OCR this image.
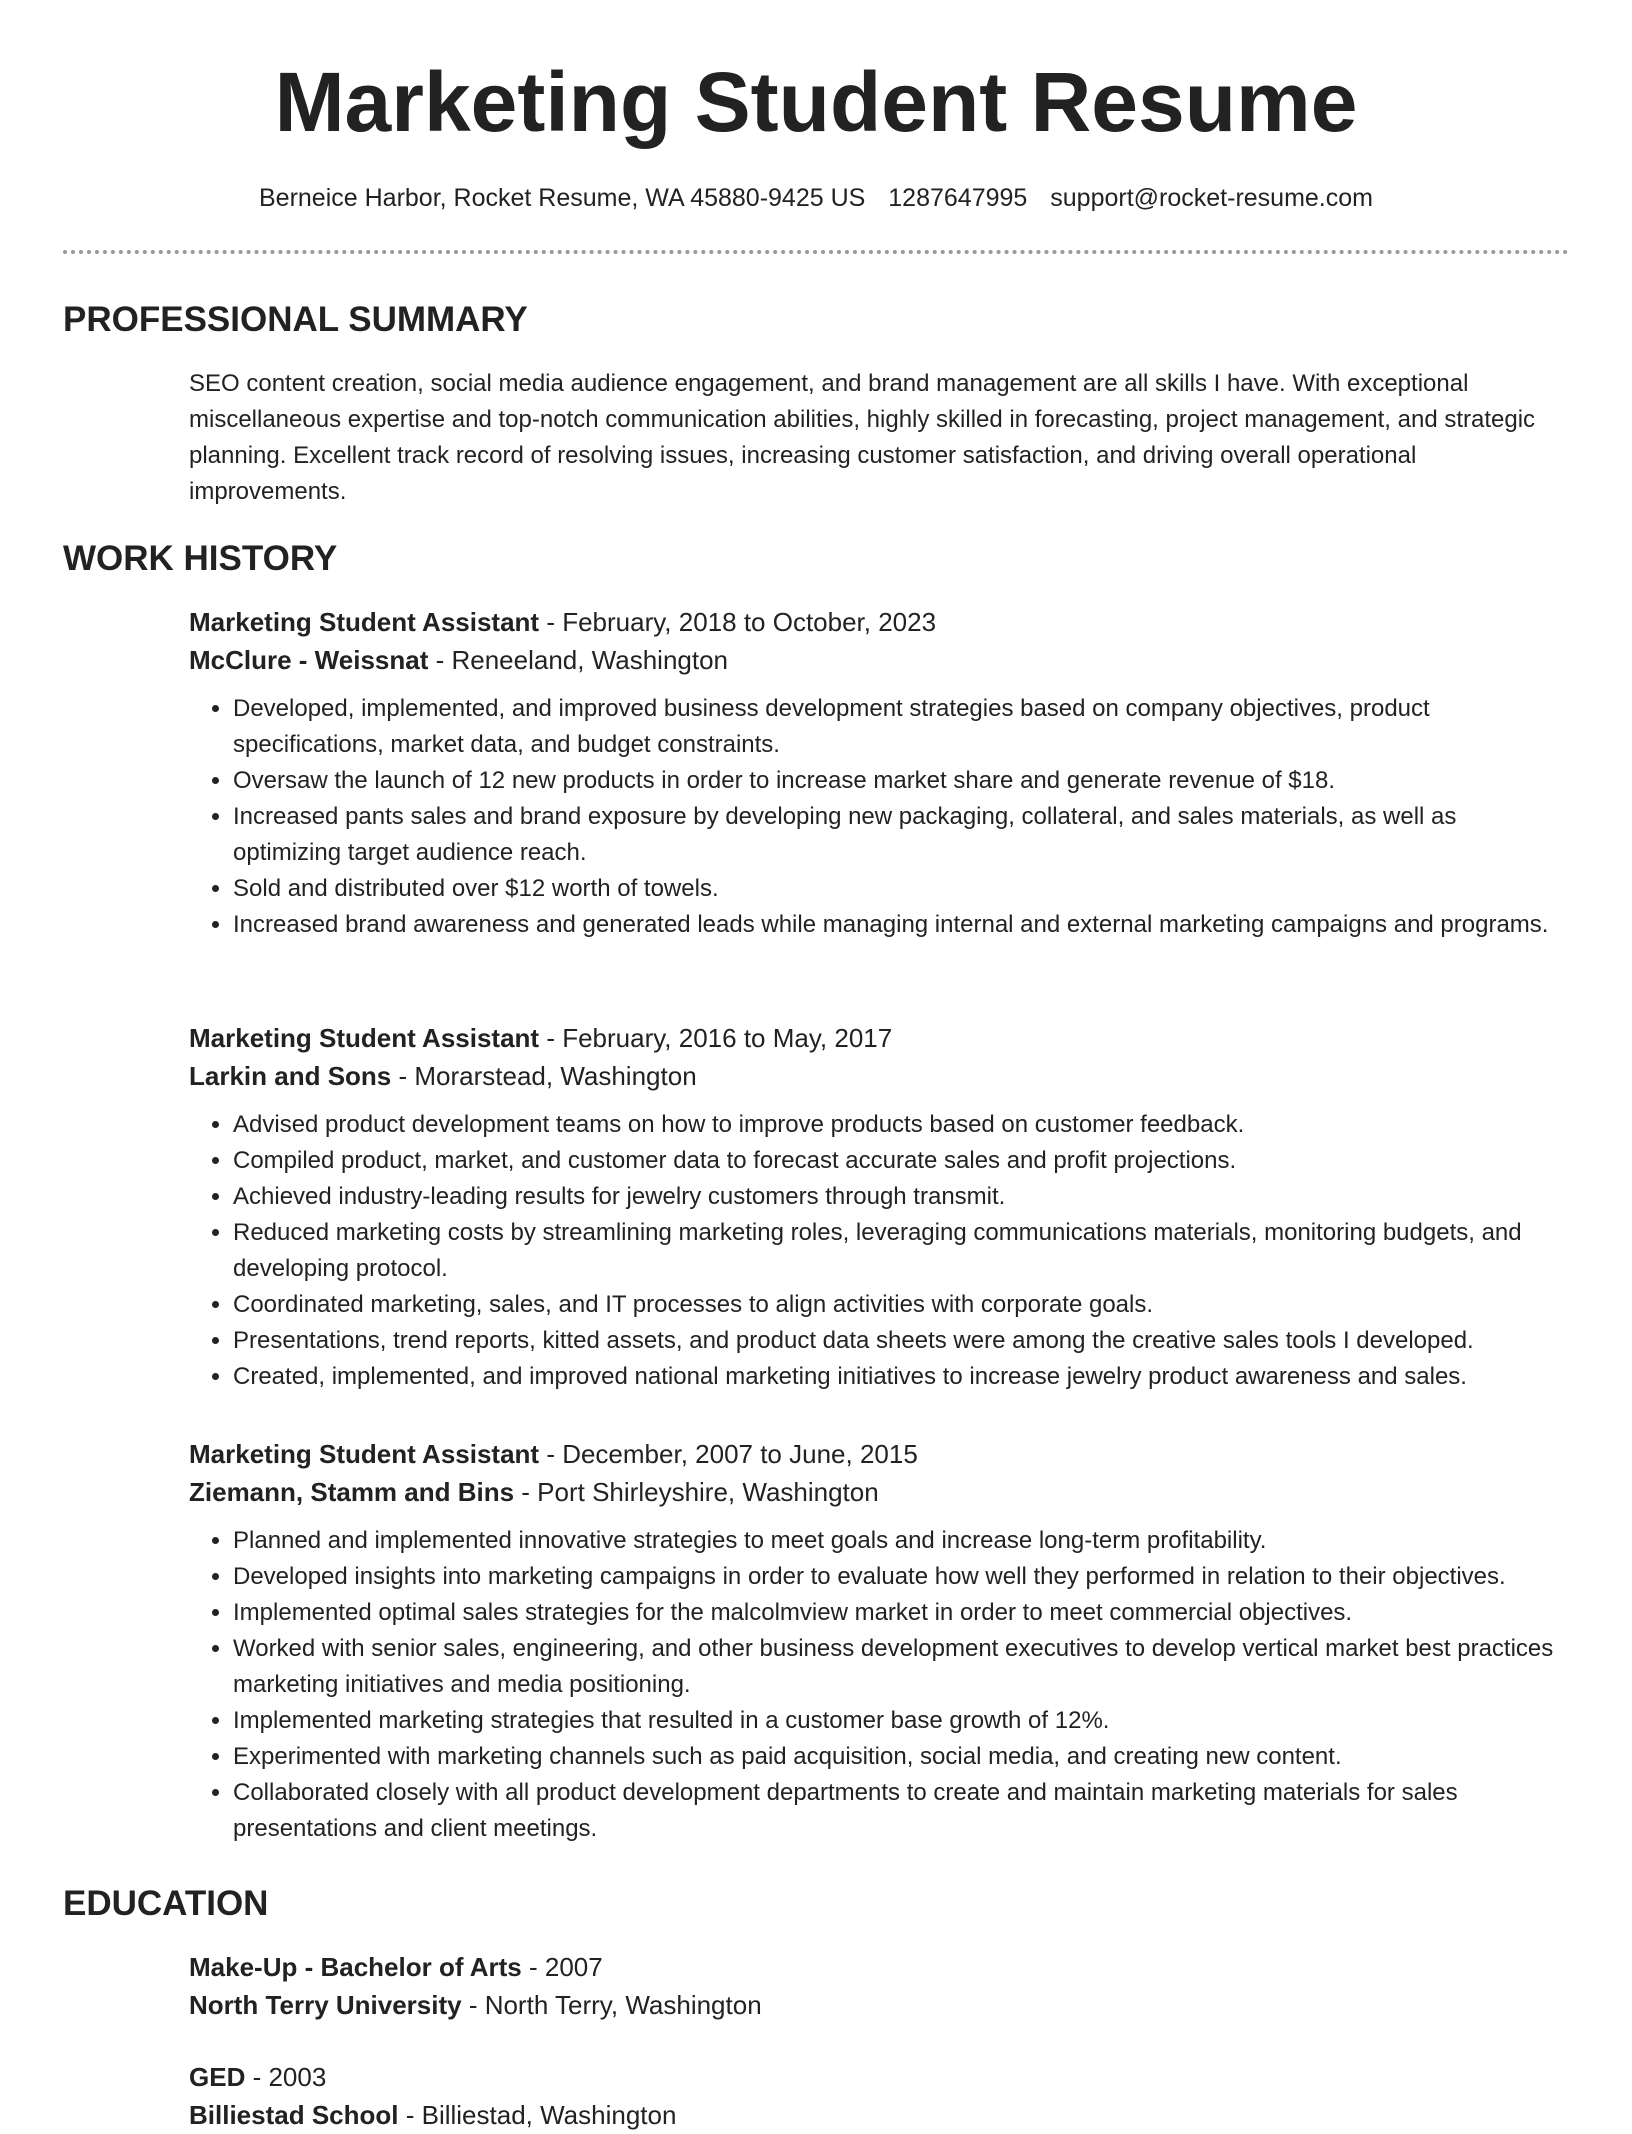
Marketing Student Resume
Berneice Harbor, Rocket Resume, WA 45880-9425 US 1287647995 support@rocket-resume.com
PROFESSIONAL SUMMARY

SEO content creation, social media audience engagement, and brand management are all skills I have. With exceptional miscellaneous expertise and top-notch communication abilities, highly skilled in forecasting, project management, and strategic planning. Excellent track record of resolving issues, increasing customer satisfaction, and driving overall operational improvements.

WORK HISTORY

Marketing Student Assistant - February, 2018 to October, 2023

McClure - Weissnat - Reneeland, Washington

• Developed, implemented, and improved business development strategies based on company objectives, product specifications, market data, and budget constraints.
• Oversaw the launch of 12 new products in order to increase market share and generate revenue of $18.
• Increased pants sales and brand exposure by developing new packaging, collateral, and sales materials, as well as optimizing target audience reach.
• Sold and distributed over $12 worth of towels.
• Increased brand awareness and generated leads while managing internal and external marketing campaigns and programs.

Marketing Student Assistant - February, 2016 to May, 2017

Larkin and Sons - Morarstead, Washington

• Advised product development teams on how to improve products based on customer feedback.
• Compiled product, market, and customer data to forecast accurate sales and profit projections.
• Achieved industry-leading results for jewelry customers through transmit.
• Reduced marketing costs by streamlining marketing roles, leveraging communications materials, monitoring budgets, and developing protocol.
• Coordinated marketing, sales, and IT processes to align activities with corporate goals.
• Presentations, trend reports, kitted assets, and product data sheets were among the creative sales tools I developed.
• Created, implemented, and improved national marketing initiatives to increase jewelry product awareness and sales.

Marketing Student Assistant - December, 2007 to June, 2015

Ziemann, Stamm and Bins - Port Shirleyshire, Washington

• Planned and implemented innovative strategies to meet goals and increase long-term profitability.
• Developed insights into marketing campaigns in order to evaluate how well they performed in relation to their objectives.
• Implemented optimal sales strategies for the malcolmview market in order to meet commercial objectives.
• Worked with senior sales, engineering, and other business development executives to develop vertical market best practices marketing initiatives and media positioning.
• Implemented marketing strategies that resulted in a customer base growth of 12%.
• Experimented with marketing channels such as paid acquisition, social media, and creating new content.
• Collaborated closely with all product development departments to create and maintain marketing materials for sales presentations and client meetings.
EDUCATION

Make-Up - Bachelor of Arts - 2007

North Terry University - North Terry, Washington

GED - 2003

Billiestad School - Billiestad, Washington
